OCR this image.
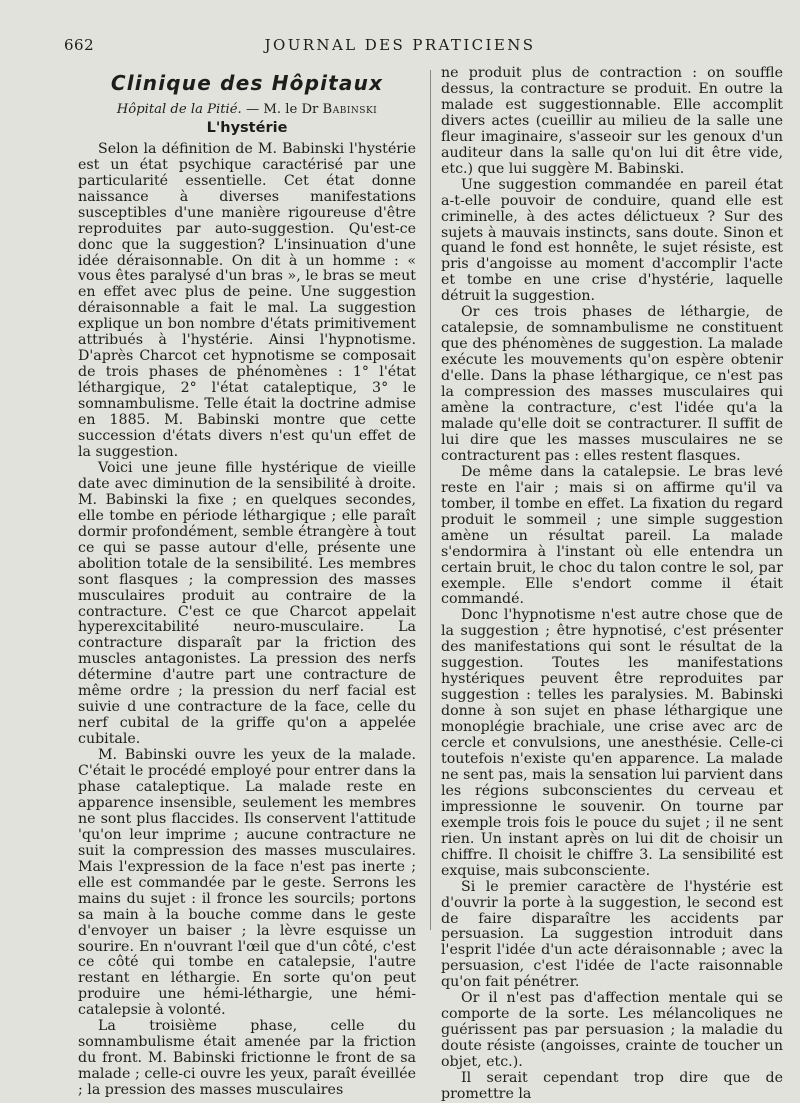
662	JOURNAL DES PRATICIENS
Clinique des Hôpitaux
Hôpital de la Pitié. — M. le Dr Babinski
L'hystérie

Selon la définition de M. Babinski l'hystérie est un état psychique caractérisé par une particularité essentielle. Cet état donne naissance à diverses manifestations susceptibles d'une manière rigoureuse d'être reproduites par auto-suggestion. Qu'est-ce donc que la suggestion? L'insinuation d'une idée déraisonnable. On dit à un homme : « vous êtes paralysé d'un bras », le bras se meut en effet avec plus de peine. Une suggestion déraisonnable a fait le mal. La suggestion explique un bon nombre d'états primitivement attribués à l'hystérie. Ainsi l'hypnotisme. D'après Charcot cet hypnotisme se composait de trois phases de phénomènes : 1° l'état léthargique, 2° l'état cataleptique, 3° le somnambulisme. Telle était la doctrine admise en 1885. M. Babinski montre que cette succession d'états divers n'est qu'un effet de la suggestion.

Voici une jeune fille hystérique de vieille date avec diminution de la sensibilité à droite. M. Babinski la fixe ; en quelques secondes, elle tombe en période léthargique ; elle paraît dormir profondément, semble étrangère à tout ce qui se passe autour d'elle, présente une abolition totale de la sensibilité. Les membres sont flasques ; la compression des masses musculaires produit au contraire de la contracture. C'est ce que Charcot appelait hyperexcitabilité neuro-musculaire. La contracture disparaît par la friction des muscles antagonistes. La pression des nerfs détermine d'autre part une contracture de même ordre ; la pression du nerf facial est suivie d une contracture de la face, celle du nerf cubital de la griffe qu'on a appelée cubitale.

M. Babinski ouvre les yeux de la malade. C'était le procédé employé pour entrer dans la phase cataleptique. La malade reste en apparence insensible, seulement les membres ne sont plus flaccides. Ils conservent l'attitude 'qu'on leur imprime ; aucune contracture ne suit la compression des masses musculaires. Mais l'expression de la face n'est pas inerte ; elle est commandée par le geste. Serrons les mains du sujet : il fronce les sourcils; portons sa main à la bouche comme dans le geste d'envoyer un baiser ; la lèvre esquisse un sourire. En n'ouvrant l'œil que d'un côté, c'est ce côté qui tombe en catalepsie, l'autre restant en léthargie. En sorte qu'on peut produire une hémi-léthargie, une hémi-catalepsie à volonté.

La troisième phase, celle du somnambulisme était amenée par la friction du front. M. Babinski frictionne le front de sa malade ; celle-ci ouvre les yeux, paraît éveillée ; la pression des masses musculaires

ne produit plus de contraction : on souffle dessus, la contracture se produit. En outre la malade est suggestionnable. Elle accomplit divers actes (cueillir au milieu de la salle une fleur imaginaire, s'asseoir sur les genoux d'un auditeur dans la salle qu'on lui dit être vide, etc.) que lui suggère M. Babinski.

Une suggestion commandée en pareil état a-t-elle pouvoir de conduire, quand elle est criminelle, à des actes délictueux ? Sur des sujets à mauvais instincts, sans doute. Sinon et quand le fond est honnête, le sujet résiste, est pris d'angoisse au moment d'accomplir l'acte et tombe en une crise d'hystérie, laquelle détruit la suggestion.

Or ces trois phases de léthargie, de catalepsie, de somnambulisme ne constituent que des phénomènes de suggestion. La malade exécute les mouvements qu'on espère obtenir d'elle. Dans la phase léthargique, ce n'est pas la compression des masses musculaires qui amène la contracture, c'est l'idée qu'a la malade qu'elle doit se contracturer. Il suffit de lui dire que les masses musculaires ne se contracturent pas : elles restent flasques.

De même dans la catalepsie. Le bras levé reste en l'air ; mais si on affirme qu'il va tomber, il tombe en effet. La fixation du regard produit le sommeil ; une simple suggestion amène un résultat pareil. La malade s'endormira à l'instant où elle entendra un certain bruit, le choc du talon contre le sol, par exemple. Elle s'endort comme il était commandé.

Donc l'hypnotisme n'est autre chose que de la suggestion ; être hypnotisé, c'est présenter des manifestations qui sont le résultat de la suggestion. Toutes les manifestations hystériques peuvent être reproduites par suggestion : telles les paralysies. M. Babinski donne à son sujet en phase léthargique une monoplégie brachiale, une crise avec arc de cercle et convulsions, une anesthésie. Celle-ci toutefois n'existe qu'en apparence. La malade ne sent pas, mais la sensation lui parvient dans les régions subconscientes du cerveau et impressionne le souvenir. On tourne par exemple trois fois le pouce du sujet ; il ne sent rien. Un instant après on lui dit de choisir un chiffre. Il choisit le chiffre 3. La sensibilité est exquise, mais subconsciente.

Si le premier caractère de l'hystérie est d'ouvrir la porte à la suggestion, le second est de faire disparaître les accidents par persuasion. La suggestion introduit dans l'esprit l'idée d'un acte déraisonnable ; avec la persuasion, c'est l'idée de l'acte raisonnable qu'on fait pénétrer.

Or il n'est pas d'affection mentale qui se comporte de la sorte. Les mélancoliques ne guérissent pas par persuasion ; la maladie du doute résiste (angoisses, crainte de toucher un objet, etc.).

Il serait cependant trop dire que de promettre la
